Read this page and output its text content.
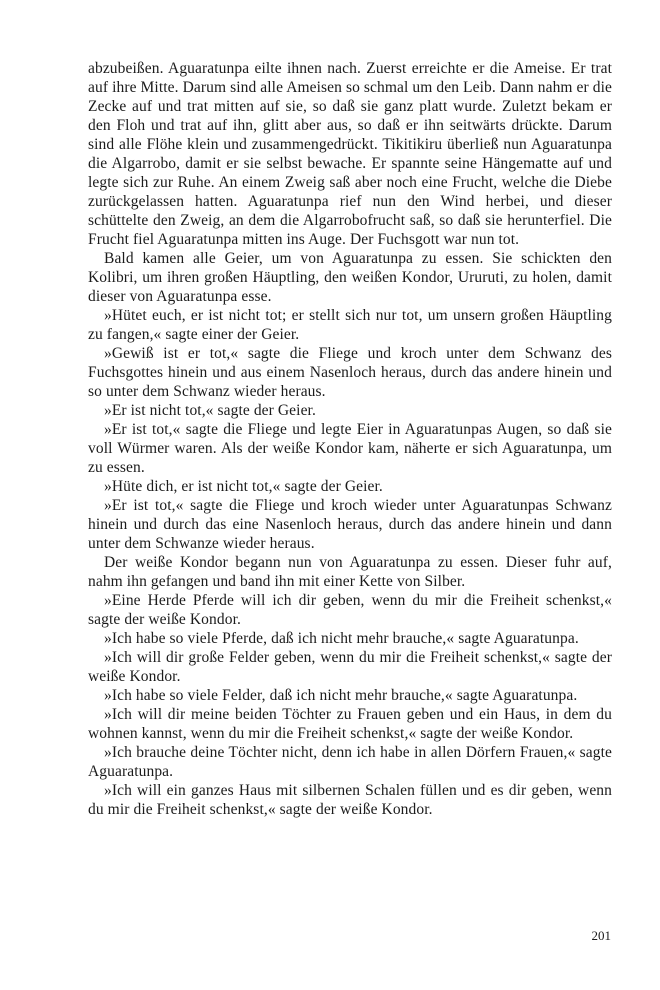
abzubeißen. Aguaratunpa eilte ihnen nach. Zuerst erreichte er die Ameise. Er trat auf ihre Mitte. Darum sind alle Ameisen so schmal um den Leib. Dann nahm er die Zecke auf und trat mitten auf sie, so daß sie ganz platt wurde. Zuletzt bekam er den Floh und trat auf ihn, glitt aber aus, so daß er ihn seitwärts drückte. Darum sind alle Flöhe klein und zusammengedrückt. Tikitikiru überließ nun Aguaratunpa die Algarrobo, damit er sie selbst bewache. Er spannte seine Hängematte auf und legte sich zur Ruhe. An einem Zweig saß aber noch eine Frucht, welche die Diebe zurückgelassen hatten. Aguaratunpa rief nun den Wind herbei, und dieser schüttelte den Zweig, an dem die Algarrobofrucht saß, so daß sie herunterfiel. Die Frucht fiel Aguaratunpa mitten ins Auge. Der Fuchsgott war nun tot.

Bald kamen alle Geier, um von Aguaratunpa zu essen. Sie schickten den Kolibri, um ihren großen Häuptling, den weißen Kondor, Ururuti, zu holen, damit dieser von Aguaratunpa esse.

»Hütet euch, er ist nicht tot; er stellt sich nur tot, um unsern großen Häuptling zu fangen,« sagte einer der Geier.

»Gewiß ist er tot,« sagte die Fliege und kroch unter dem Schwanz des Fuchsgottes hinein und aus einem Nasenloch heraus, durch das andere hinein und so unter dem Schwanz wieder heraus.

»Er ist nicht tot,« sagte der Geier.

»Er ist tot,« sagte die Fliege und legte Eier in Aguaratunpas Augen, so daß sie voll Würmer waren. Als der weiße Kondor kam, näherte er sich Aguaratunpa, um zu essen.

»Hüte dich, er ist nicht tot,« sagte der Geier.

»Er ist tot,« sagte die Fliege und kroch wieder unter Aguaratunpas Schwanz hinein und durch das eine Nasenloch heraus, durch das andere hinein und dann unter dem Schwanze wieder heraus.

Der weiße Kondor begann nun von Aguaratunpa zu essen. Dieser fuhr auf, nahm ihn gefangen und band ihn mit einer Kette von Silber.

»Eine Herde Pferde will ich dir geben, wenn du mir die Freiheit schenkst,« sagte der weiße Kondor.

»Ich habe so viele Pferde, daß ich nicht mehr brauche,« sagte Aguaratunpa.

»Ich will dir große Felder geben, wenn du mir die Freiheit schenkst,« sagte der weiße Kondor.

»Ich habe so viele Felder, daß ich nicht mehr brauche,« sagte Aguaratunpa.

»Ich will dir meine beiden Töchter zu Frauen geben und ein Haus, in dem du wohnen kannst, wenn du mir die Freiheit schenkst,« sagte der weiße Kondor.

»Ich brauche deine Töchter nicht, denn ich habe in allen Dörfern Frauen,« sagte Aguaratunpa.

»Ich will ein ganzes Haus mit silbernen Schalen füllen und es dir geben, wenn du mir die Freiheit schenkst,« sagte der weiße Kondor.

201
